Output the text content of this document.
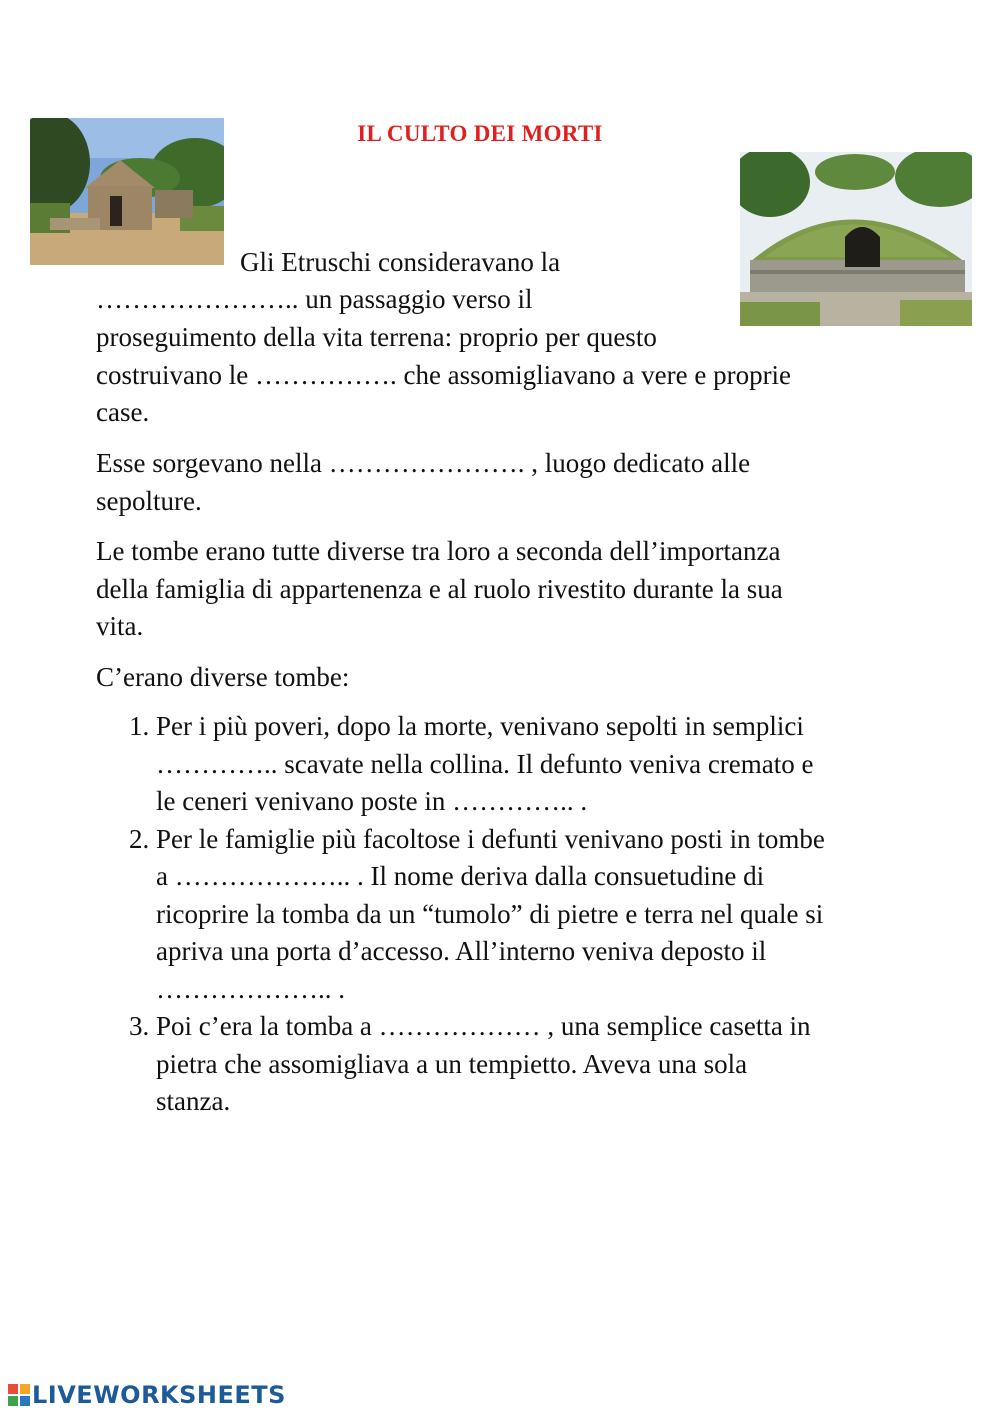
IL CULTO DEI MORTI
Gli Etruschi consideravano la
………………….. un passaggio verso il
proseguimento della vita terrena: proprio per questo
costruivano le ……………. che assomigliavano a vere e proprie
case.
Esse sorgevano nella …………………. , luogo dedicato alle
sepolture.
Le tombe erano tutte diverse tra loro a seconda dell’importanza
della famiglia di appartenenza e al ruolo rivestito durante la sua
vita.
C’erano diverse tombe:
1. Per i più poveri, dopo la morte, venivano sepolti in semplici
………….. scavate nella collina. Il defunto veniva cremato e
le ceneri venivano poste in ………….. .
2. Per le famiglie più facoltose i defunti venivano posti in tombe
a ……………….. . Il nome deriva dalla consuetudine di
ricoprire la tomba da un “tumolo” di pietre e terra nel quale si
apriva una porta d’accesso. All’interno veniva deposto il
……………….. .
3. Poi c’era la tomba a ……………… , una semplice casetta in
pietra che assomigliava a un tempietto. Aveva una sola
stanza.
LIVEWORKSHEETS
